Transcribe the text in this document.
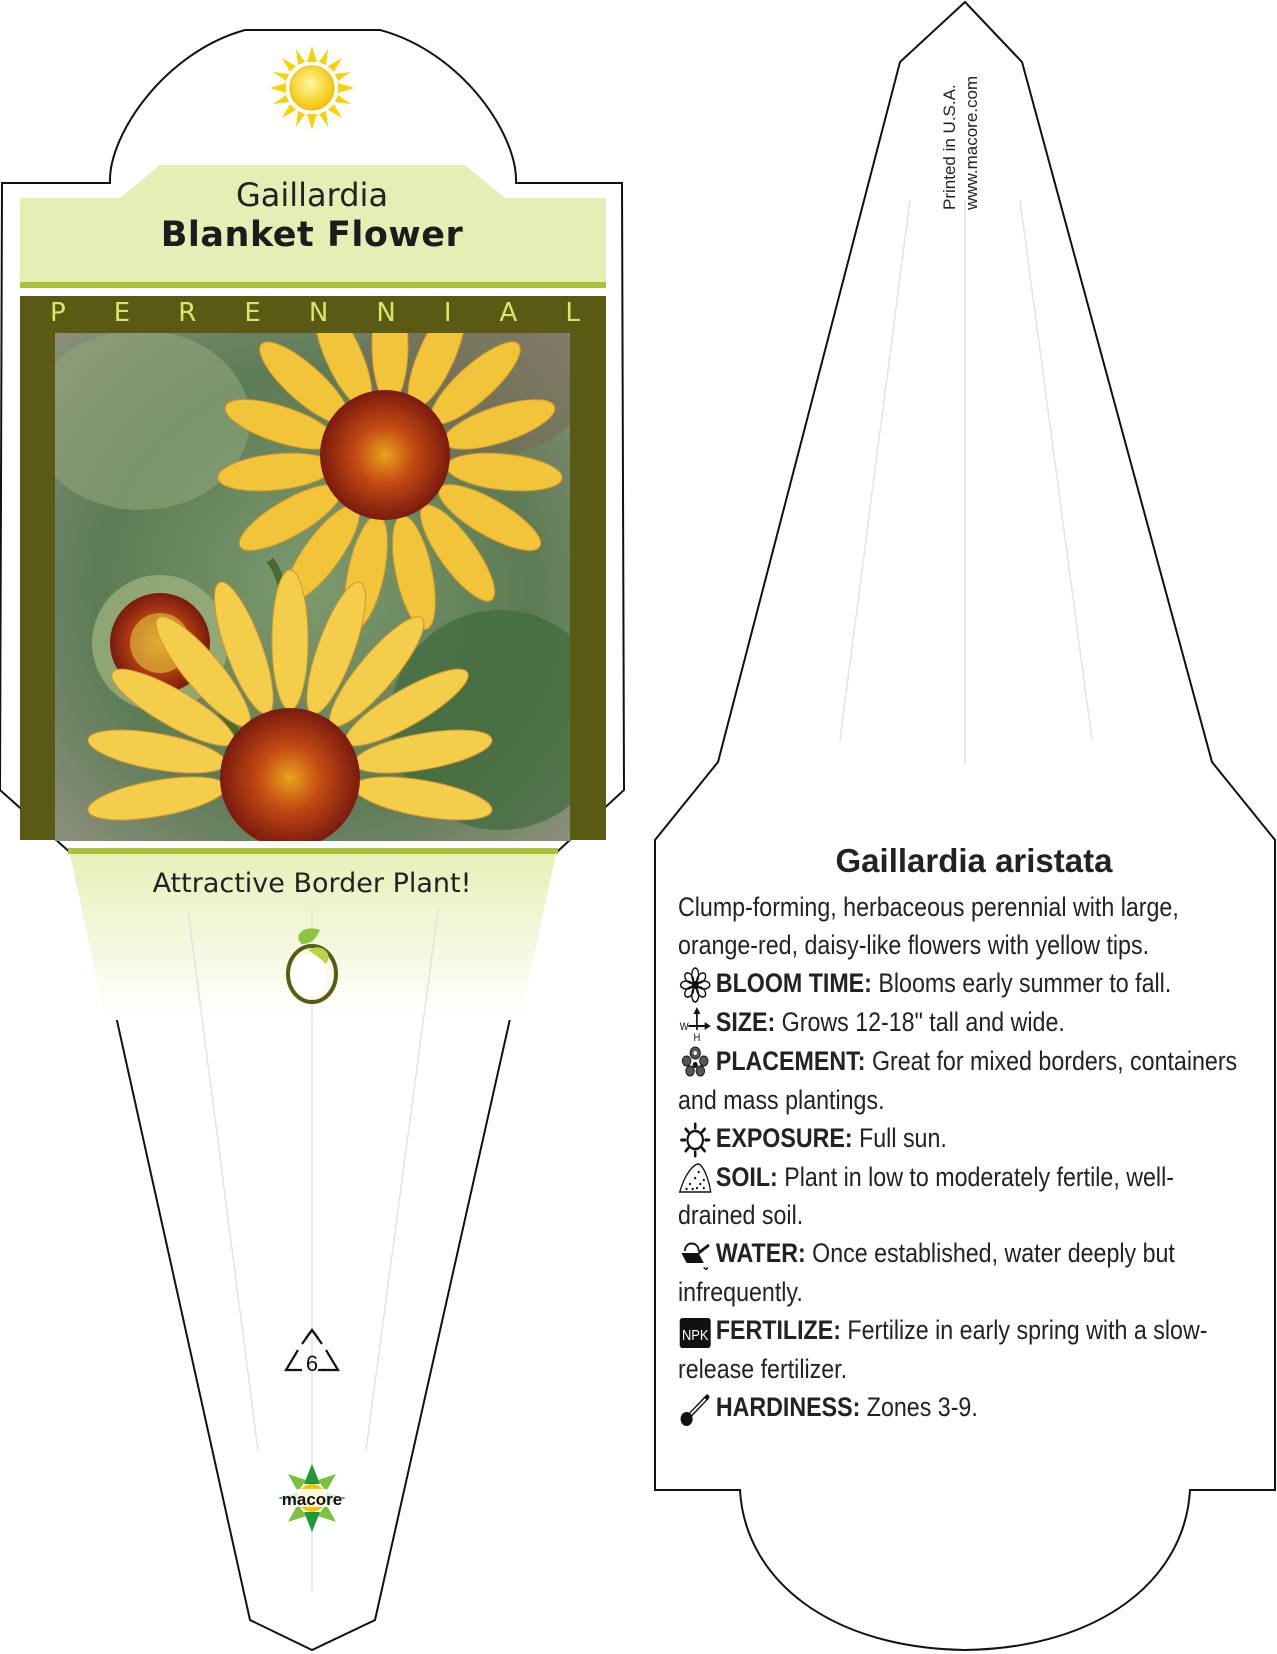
6
macore
Gaillardia
Blanket Flower
P E R E N N I A L
Attractive Border Plant!
Printed in U.S.A. www.macore.com
Gaillardia aristata

Clump-forming, herbaceous perennial with large, orange-red, daisy-like flowers with yellow tips.

BLOOM TIME: Blooms early summer to fall.

W
H
SIZE: Grows 12-18" tall and wide.

PLACEMENT: Great for mixed borders, containers and mass plantings.

EXPOSURE: Full sun.

SOIL: Plant in low to moderately fertile, well-drained soil.

WATER: Once established, water deeply but infrequently.

NPK FERTILIZE: Fertilize in early spring with a slow-release fertilizer.

HARDINESS: Zones 3-9.
